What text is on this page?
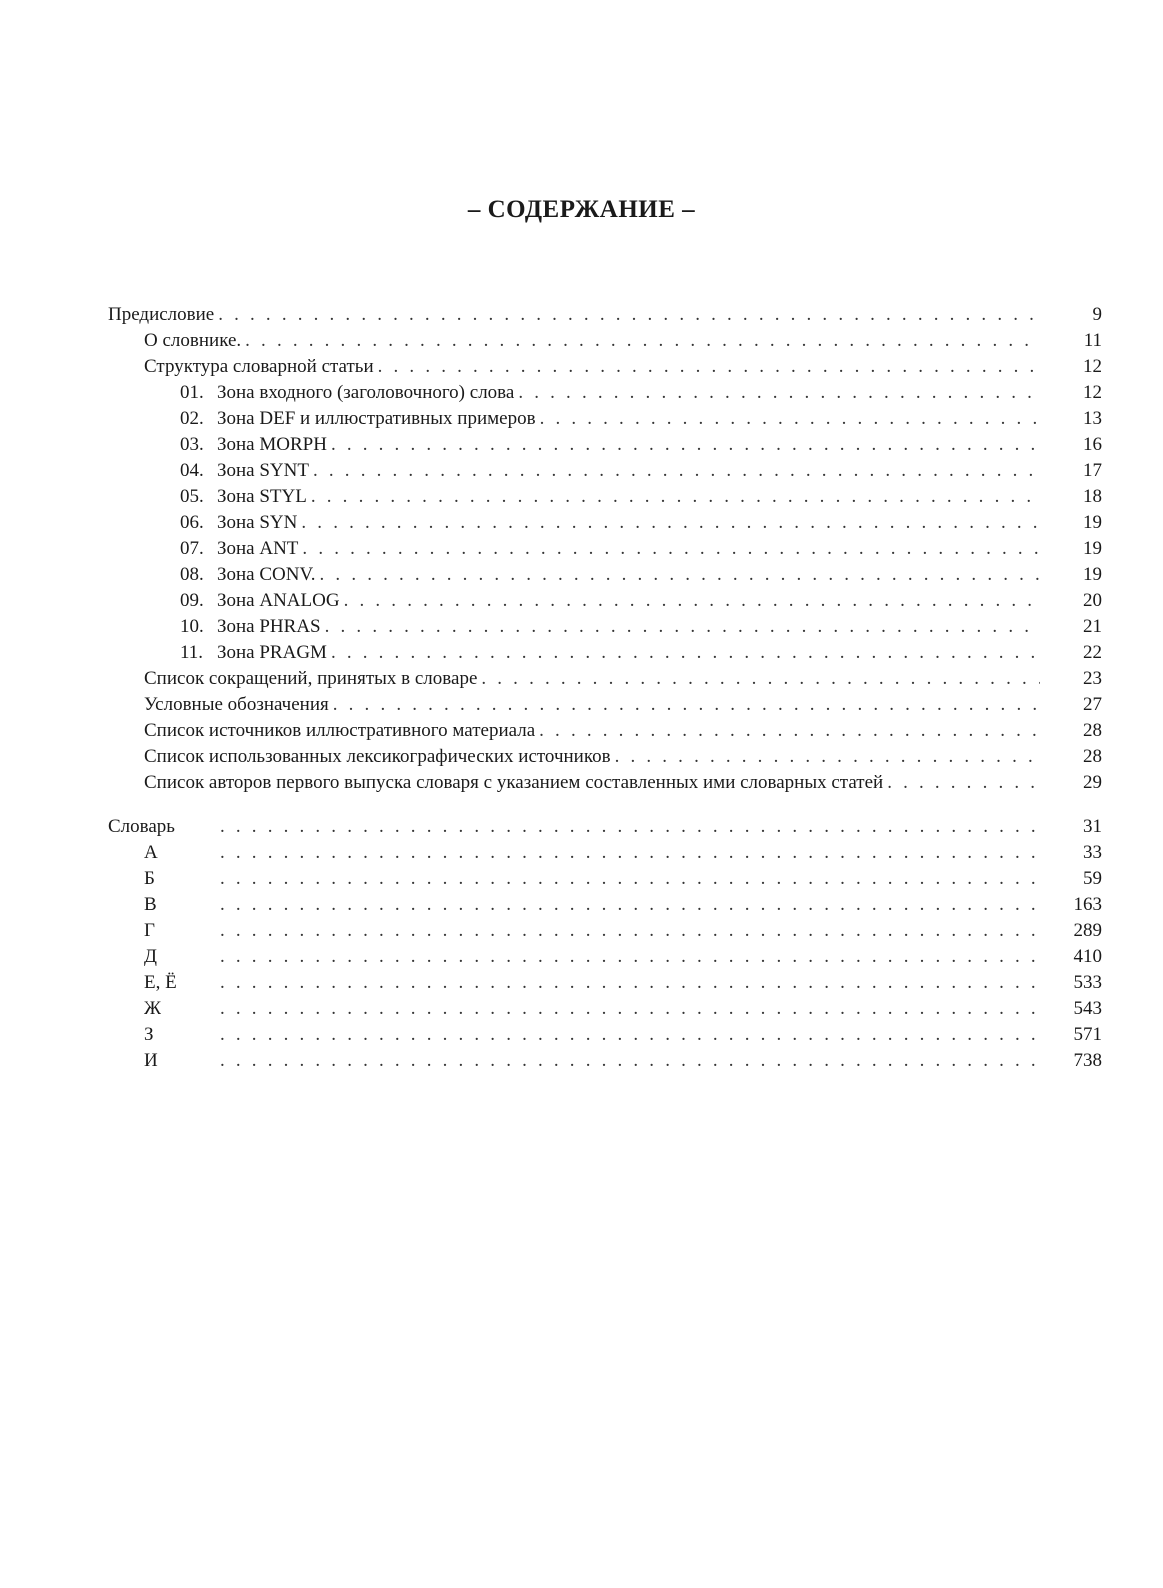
– СОДЕРЖАНИЕ –
Предисловие . . .	9
О словнике. . . .	11
Структура словарной статьи . . .	12
01. Зона входного (заголовочного) слова . . .	12
02. Зона DEF и иллюстративных примеров . . .	13
03. Зона MORPH . . .	16
04. Зона SYNT . . .	17
05. Зона STYL . . .	18
06. Зона SYN . . .	19
07. Зона ANT . . .	19
08. Зона CONV. . . .	19
09. Зона ANALOG . . .	20
10. Зона PHRAS . . .	21
11. Зона PRAGM . . .	22
Список сокращений, принятых в словаре . . .	23
Условные обозначения . . .	27
Список источников иллюстративного материала . . .	28
Список использованных лексикографических источников . . .	28
Список авторов первого выпуска словаря с указанием составленных ими словарных статей . . .	29
Словарь . . .	31
А . . .	33
Б . . .	59
В . . .	163
Г . . .	289
Д . . .	410
Е, Ё . . .	533
Ж . . .	543
З . . .	571
И . . .	738
